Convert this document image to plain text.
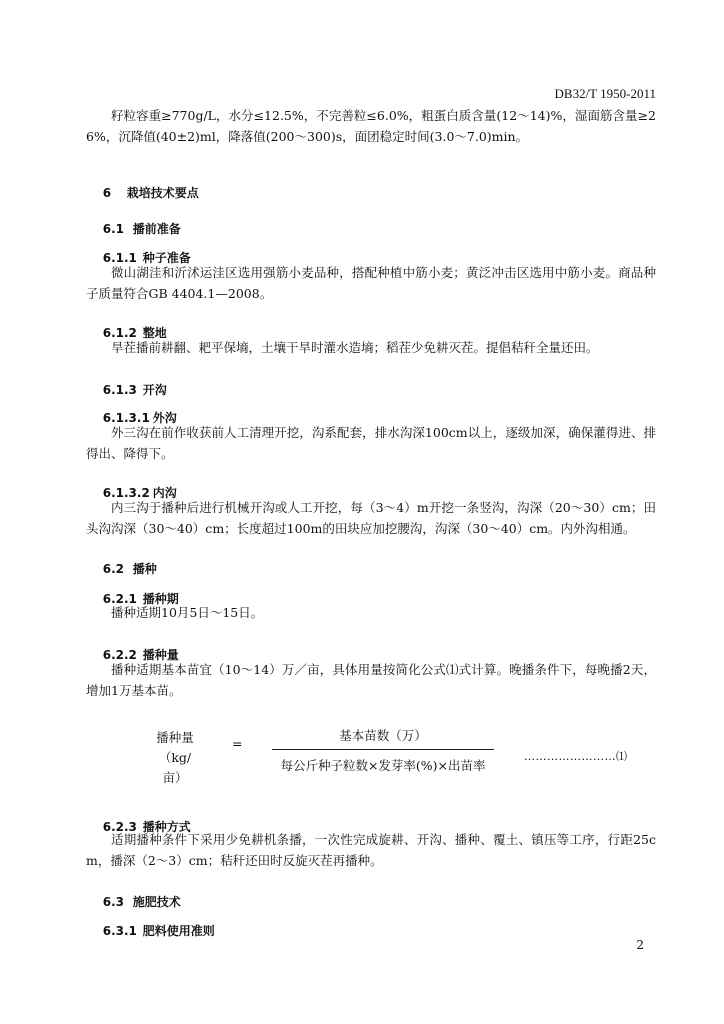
DB32/T 1950-2011

籽粒容重≥770g/L，水分≤12.5%，不完善粒≤6.0%，粗蛋白质含量(12～14)%，湿面筋含量≥26%，沉降值(40±2)ml，降落值(200～300)s，面团稳定时间(3.0～7.0)min。

6 栽培技术要点

6.1 播前准备

6.1.1 种子准备

微山湖洼和沂沭运洼区选用强筋小麦品种，搭配种植中筋小麦；黄泛冲击区选用中筋小麦。商品种子质量符合GB 4404.1—2008。

6.1.2 整地

旱茬播前耕翻、耙平保墒，土壤干旱时灌水造墒；稻茬少免耕灭茬。提倡秸秆全量还田。

6.1.3 开沟

6.1.3.1 外沟

外三沟在前作收获前人工清理开挖，沟系配套，排水沟深100cm以上，逐级加深，确保灌得进、排得出、降得下。

6.1.3.2 内沟

内三沟于播种后进行机械开沟或人工开挖，每（3～4）m开挖一条竖沟，沟深（20～30）cm；田头沟沟深（30～40）cm；长度超过100m的田块应加挖腰沟，沟深（30～40）cm。内外沟相通。

6.2 播种

6.2.1 播种期

播种适期10月5日～15日。

6.2.2 播种量

播种适期基本苗宜（10～14）万／亩，具体用量按简化公式⑴式计算。晚播条件下，每晚播2天，增加1万基本苗。

播种量
（kg/亩）
=
基本苗数（万）
每公斤种子粒数×发芽率(%)×出苗率
……………………⑴

6.2.3 播种方式

适期播种条件下采用少免耕机条播，一次性完成旋耕、开沟、播种、覆土、镇压等工序，行距25cm，播深（2～3）cm；秸秆还田时反旋灭茬再播种。

6.3 施肥技术

6.3.1 肥料使用准则

2
